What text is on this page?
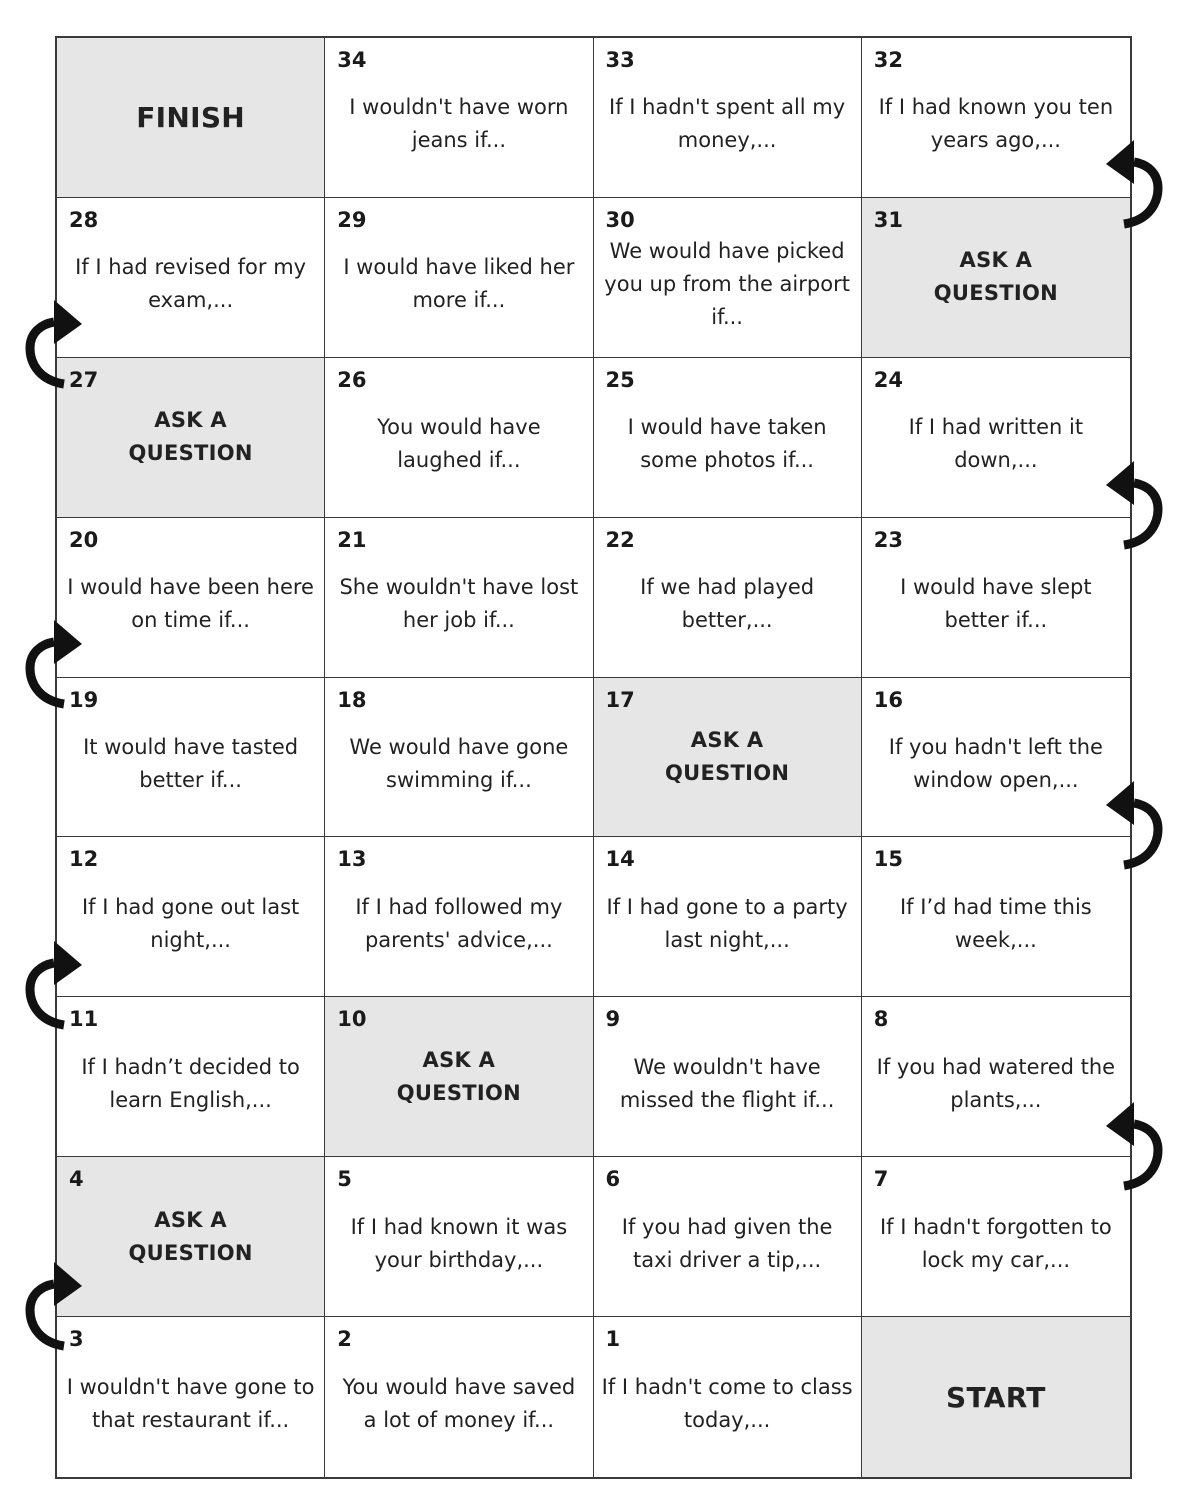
FINISH
34
I wouldn't have worn jeans if...
33
If I hadn't spent all my money,...
32
If I had known you ten years ago,...
28
If I had revised for my exam,...
29
I would have liked her more if...
30
We would have picked you up from the airport if...
31
ASK A QUESTION
27
ASK A QUESTION
26
You would have laughed if...
25
I would have taken some photos if...
24
If I had written it down,...
20
I would have been here on time if...
21
She wouldn't have lost her job if...
22
If we had played better,...
23
I would have slept better if...
19
It would have tasted better if...
18
We would have gone swimming if...
17
ASK A QUESTION
16
If you hadn't left the window open,...
12
If I had gone out last night,...
13
If I had followed my parents' advice,...
14
If I had gone to a party last night,...
15
If I’d had time this week,...
11
If I hadn’t decided to learn English,...
10
ASK A QUESTION
9
We wouldn't have missed the flight if...
8
If you had watered the plants,...
4
ASK A QUESTION
5
If I had known it was your birthday,...
6
If you had given the taxi driver a tip,...
7
If I hadn't forgotten to lock my car,...
3
I wouldn't have gone to that restaurant if...
2
You would have saved a lot of money if...
1
If I hadn't come to class today,...
START
